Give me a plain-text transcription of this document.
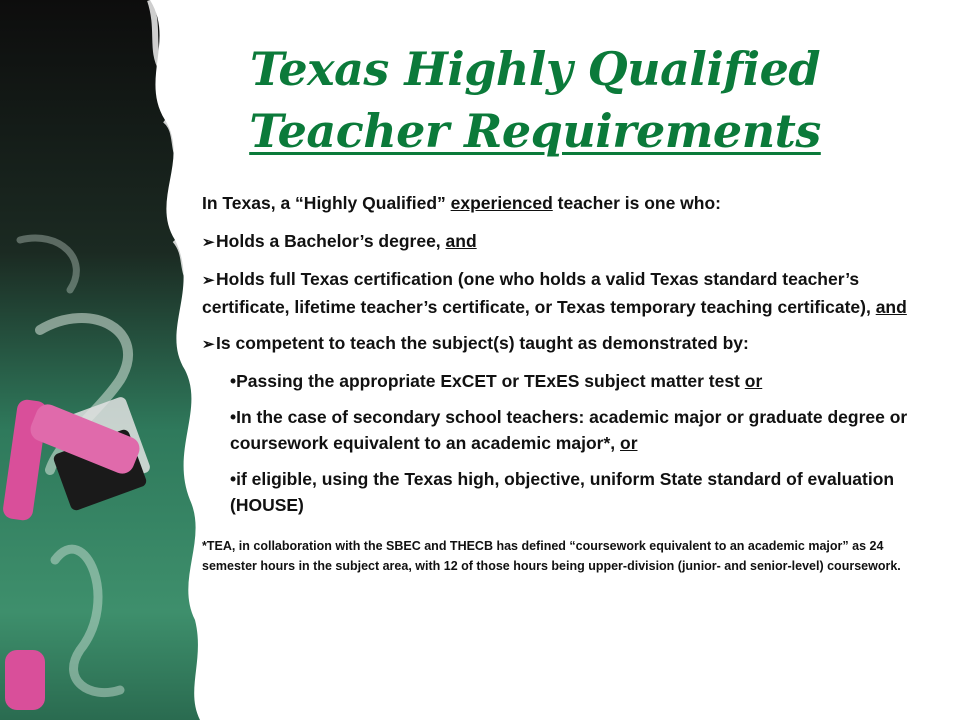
Texas Highly Qualified
Teacher Requirements

In Texas, a “Highly Qualified” experienced teacher is one who:

➢Holds a Bachelor’s degree, and

➢Holds full Texas certification (one who holds a valid Texas standard teacher’s certificate, lifetime teacher’s certificate, or Texas temporary teaching certificate), and

➢Is competent to teach the subject(s) taught as demonstrated by:

•Passing the appropriate ExCET or TExES subject matter test or

•In the case of secondary school teachers: academic major or graduate degree or coursework equivalent to an academic major*, or

•if eligible, using the Texas high, objective, uniform State standard of evaluation (HOUSE)

*TEA, in collaboration with the SBEC and THECB has defined “coursework equivalent to an academic major” as 24 semester hours in the subject area, with 12 of those hours being upper-division (junior- and senior-level) coursework.
